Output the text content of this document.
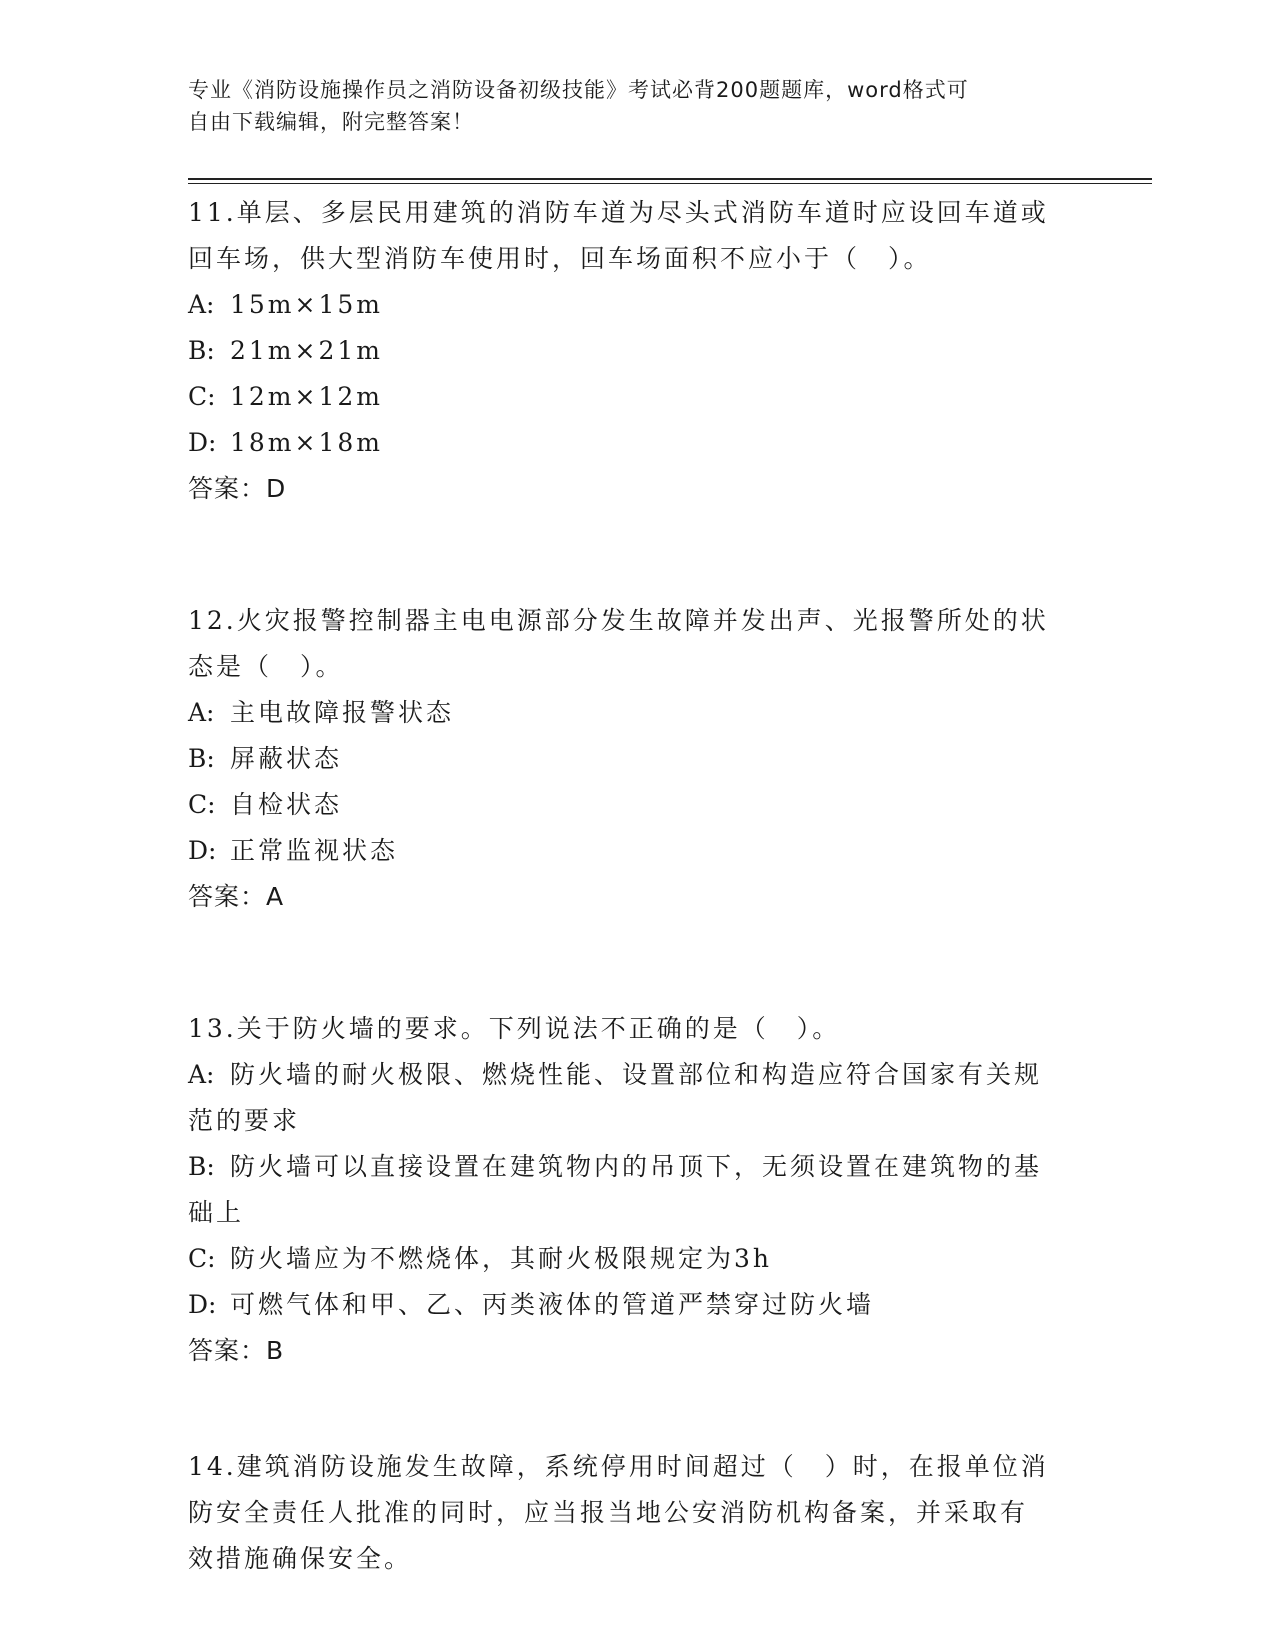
专业《消防设施操作员之消防设备初级技能》考试必背200题题库，word格式可
自由下载编辑，附完整答案！
11.单层、多层民用建筑的消防车道为尽头式消防车道时应设回车道或
回车场，供大型消防车使用时，回车场面积不应小于（　）。
A: 15m×15m
B: 21m×21m
C: 12m×12m
D: 18m×18m
答案：D
12.火灾报警控制器主电电源部分发生故障并发出声、光报警所处的状
态是（　）。
A: 主电故障报警状态
B: 屏蔽状态
C: 自检状态
D: 正常监视状态
答案：A
13.关于防火墙的要求。下列说法不正确的是（　）。
A: 防火墙的耐火极限、燃烧性能、设置部位和构造应符合国家有关规
范的要求
B: 防火墙可以直接设置在建筑物内的吊顶下，无须设置在建筑物的基
础上
C: 防火墙应为不燃烧体，其耐火极限规定为3h
D: 可燃气体和甲、乙、丙类液体的管道严禁穿过防火墙
答案：B
14.建筑消防设施发生故障，系统停用时间超过（　）时，在报单位消
防安全责任人批准的同时，应当报当地公安消防机构备案，并采取有
效措施确保安全。
